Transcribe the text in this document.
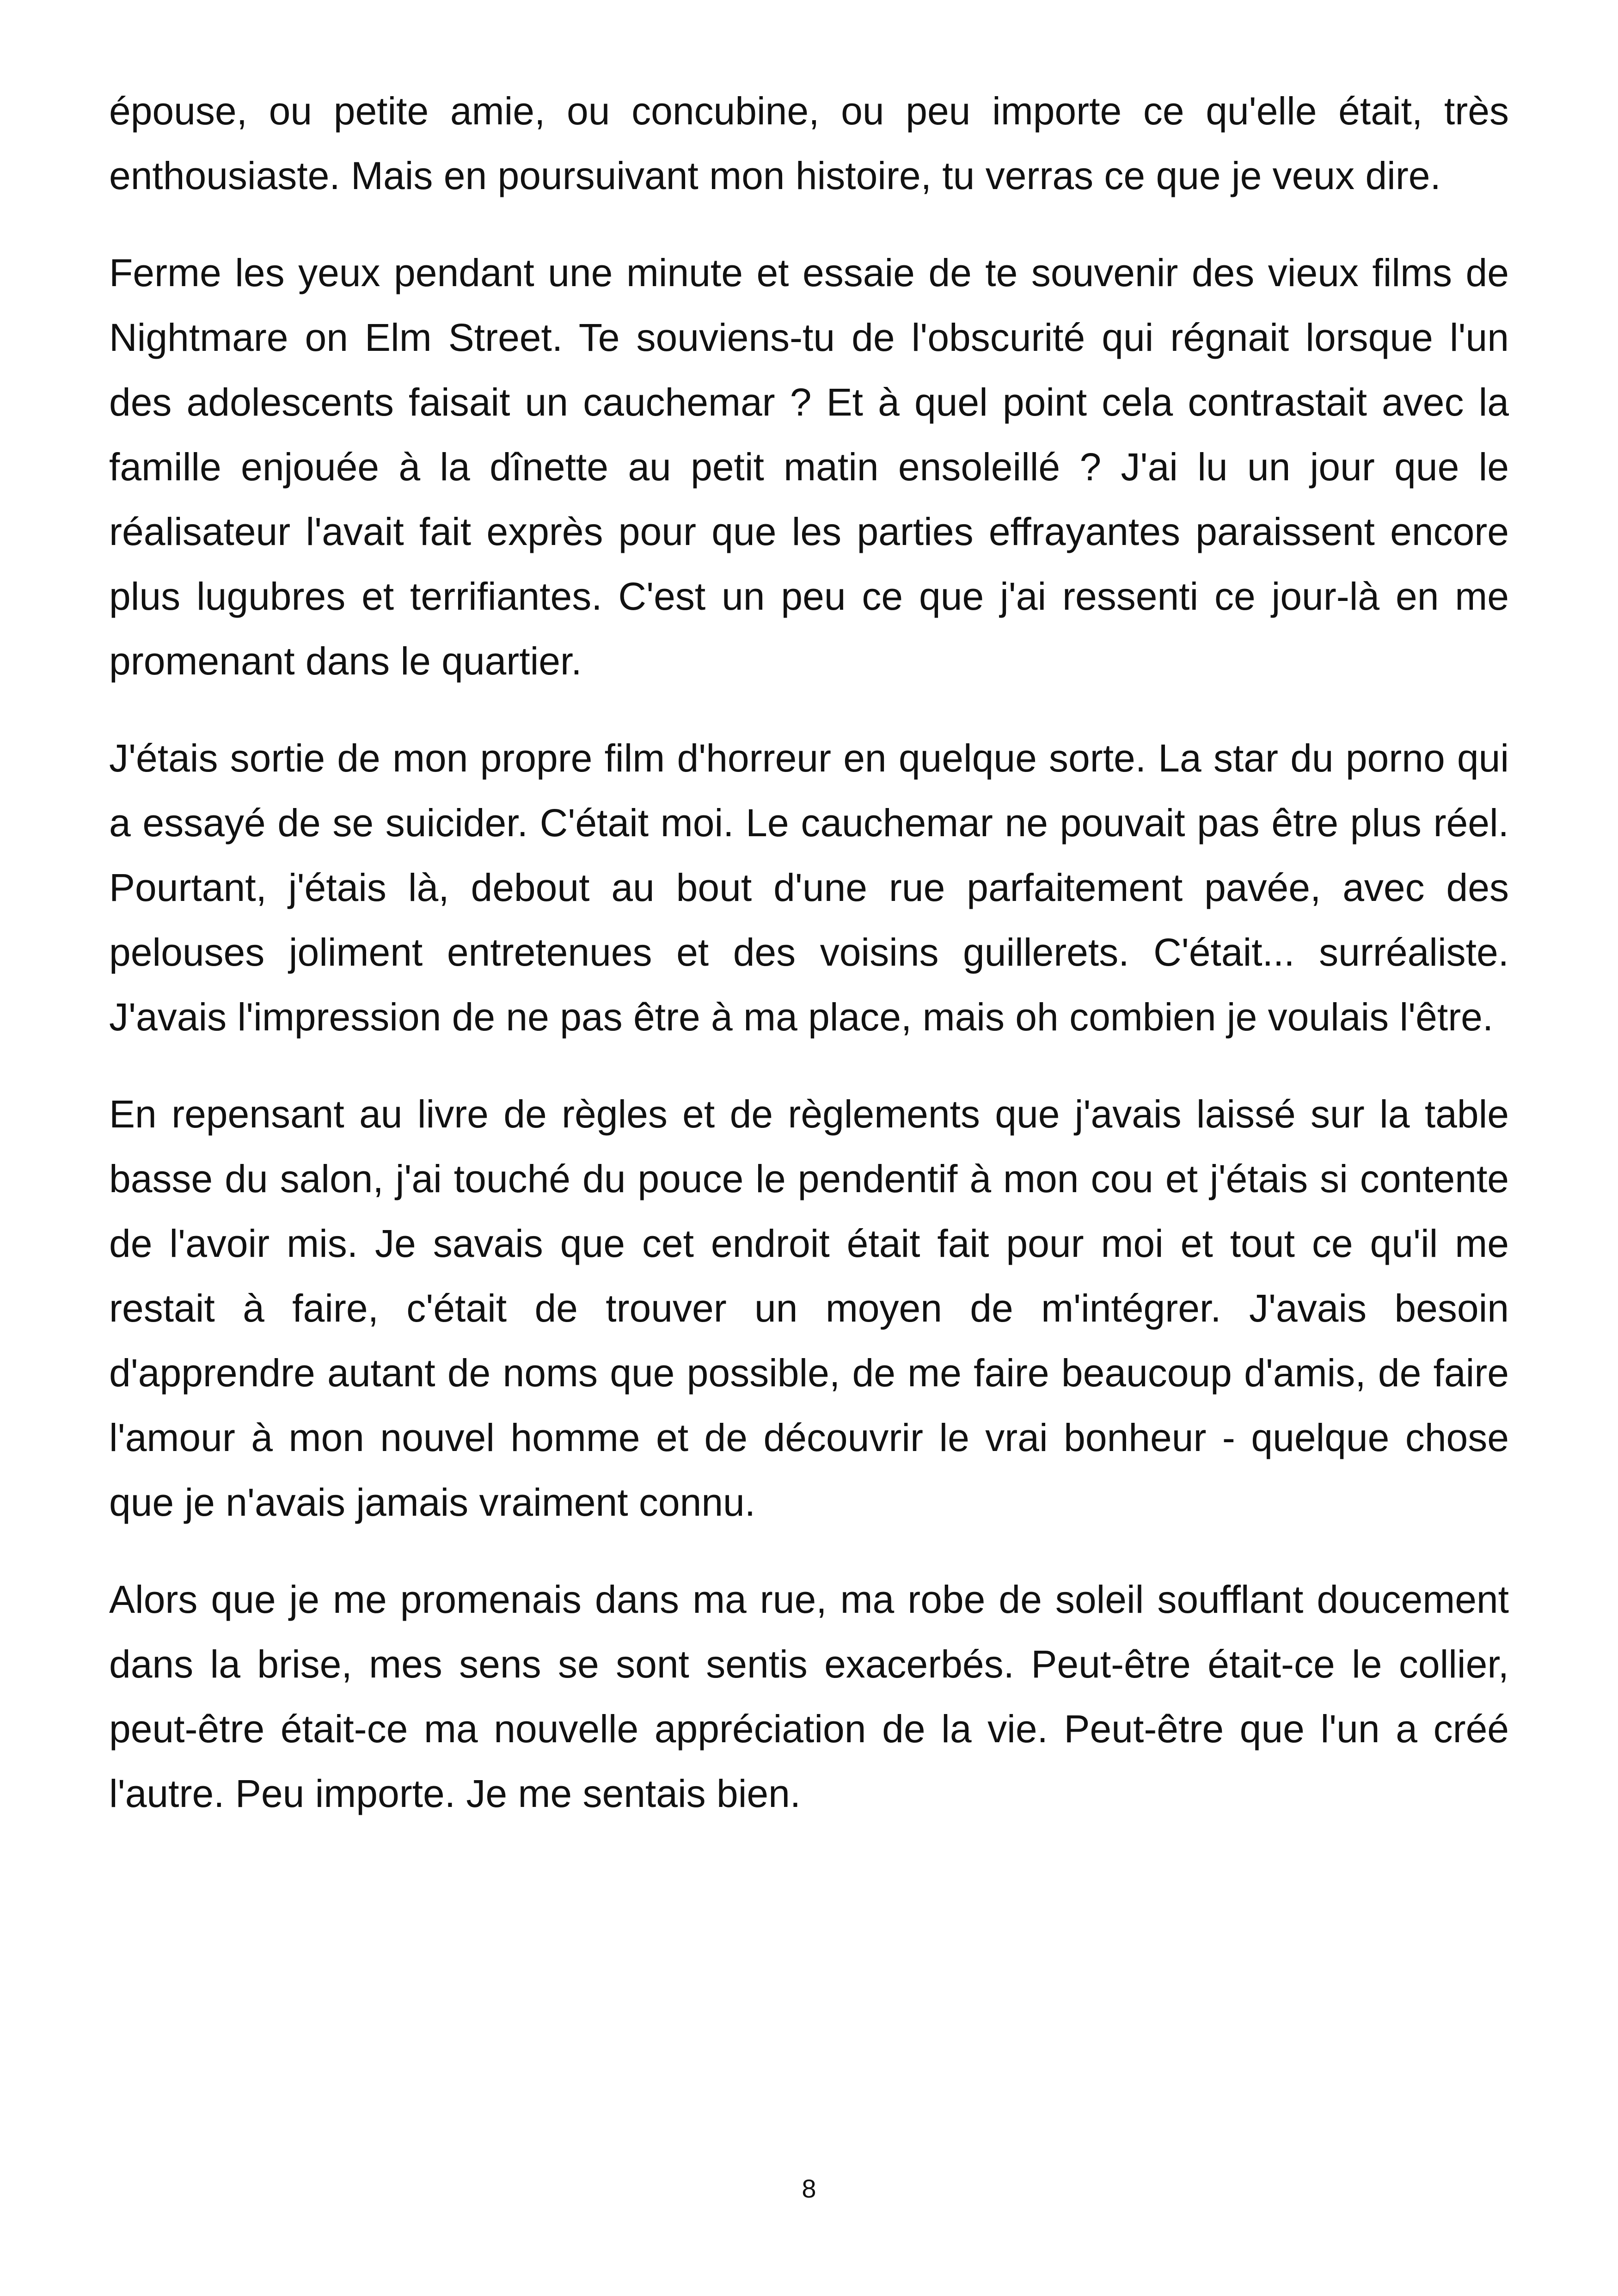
épouse, ou petite amie, ou concubine, ou peu importe ce qu'elle était, très enthousiaste. Mais en poursuivant mon histoire, tu verras ce que je veux dire.

Ferme les yeux pendant une minute et essaie de te souvenir des vieux films de Nightmare on Elm Street. Te souviens-tu de l'obscurité qui régnait lorsque l'un des adolescents faisait un cauchemar ? Et à quel point cela contrastait avec la famille enjouée à la dînette au petit matin ensoleillé ? J'ai lu un jour que le réalisateur l'avait fait exprès pour que les parties effrayantes paraissent encore plus lugubres et terrifiantes. C'est un peu ce que j'ai ressenti ce jour-là en me promenant dans le quartier.

J'étais sortie de mon propre film d'horreur en quelque sorte. La star du porno qui a essayé de se suicider. C'était moi. Le cauchemar ne pouvait pas être plus réel. Pourtant, j'étais là, debout au bout d'une rue parfaitement pavée, avec des pelouses joliment entretenues et des voisins guillerets. C'était... surréaliste. J'avais l'impression de ne pas être à ma place, mais oh combien je voulais l'être.

En repensant au livre de règles et de règlements que j'avais laissé sur la table basse du salon, j'ai touché du pouce le pendentif à mon cou et j'étais si contente de l'avoir mis. Je savais que cet endroit était fait pour moi et tout ce qu'il me restait à faire, c'était de trouver un moyen de m'intégrer. J'avais besoin d'apprendre autant de noms que possible, de me faire beaucoup d'amis, de faire l'amour à mon nouvel homme et de découvrir le vrai bonheur - quelque chose que je n'avais jamais vraiment connu.

Alors que je me promenais dans ma rue, ma robe de soleil soufflant doucement dans la brise, mes sens se sont sentis exacerbés. Peut-être était-ce le collier, peut-être était-ce ma nouvelle appréciation de la vie. Peut-être que l'un a créé l'autre. Peu importe. Je me sentais bien.

8
